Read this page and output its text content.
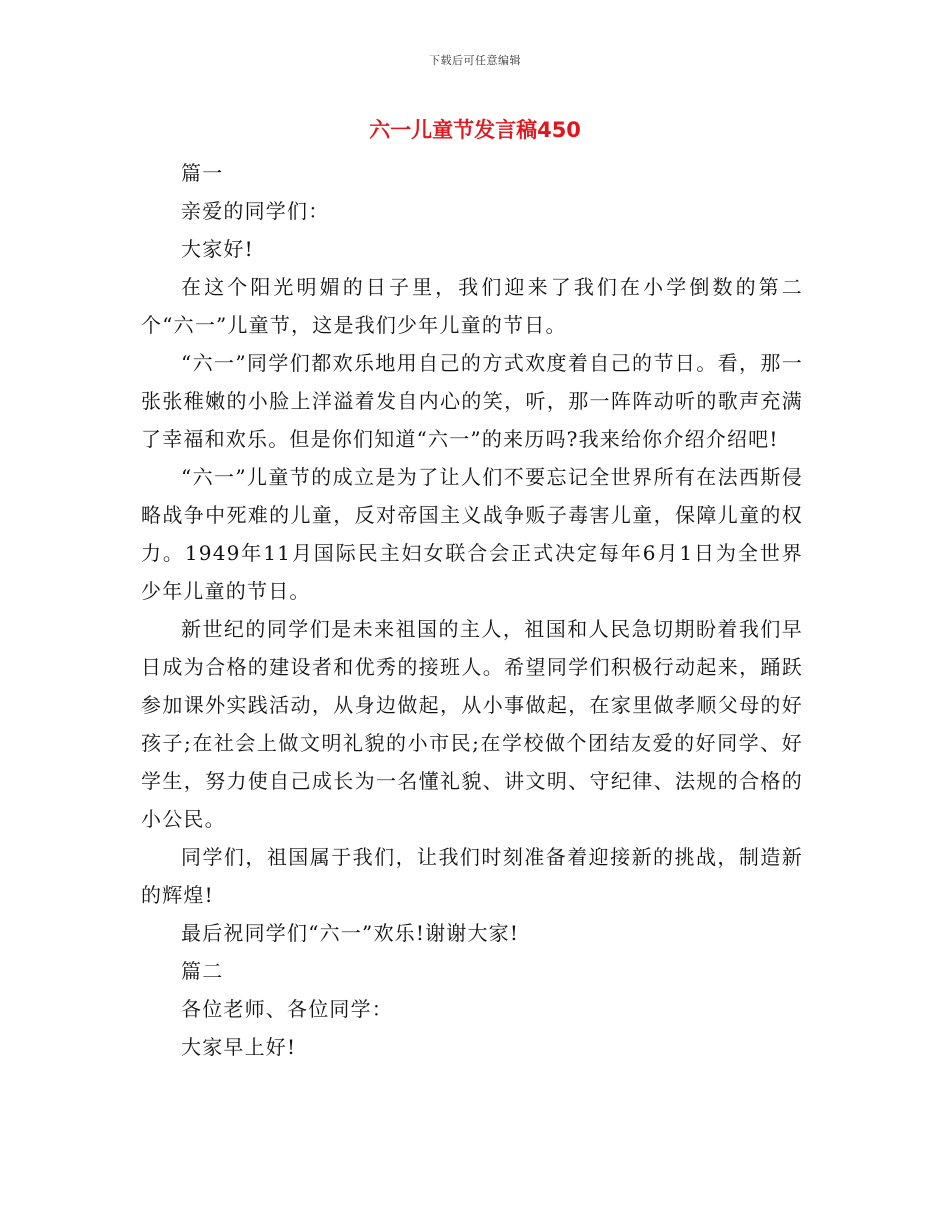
下载后可任意编辑
六一儿童节发言稿450

篇一

亲爱的同学们：

大家好!

在这个阳光明媚的日子里，我们迎来了我们在小学倒数的第二个“六一”儿童节，这是我们少年儿童的节日。

“六一”同学们都欢乐地用自己的方式欢度着自己的节日。看，那一张张稚嫩的小脸上洋溢着发自内心的笑，听，那一阵阵动听的歌声充满了幸福和欢乐。但是你们知道“六一”的来历吗?我来给你介绍介绍吧!

“六一”儿童节的成立是为了让人们不要忘记全世界所有在法西斯侵略战争中死难的儿童，反对帝国主义战争贩子毒害儿童，保障儿童的权力。1949年11月国际民主妇女联合会正式决定每年6月1日为全世界少年儿童的节日。

新世纪的同学们是未来祖国的主人，祖国和人民急切期盼着我们早日成为合格的建设者和优秀的接班人。希望同学们积极行动起来，踊跃参加课外实践活动，从身边做起，从小事做起，在家里做孝顺父母的好孩子;在社会上做文明礼貌的小市民;在学校做个团结友爱的好同学、好学生，努力使自己成长为一名懂礼貌、讲文明、守纪律、法规的合格的小公民。

同学们，祖国属于我们，让我们时刻准备着迎接新的挑战，制造新的辉煌!

最后祝同学们“六一”欢乐!谢谢大家!

篇二

各位老师、各位同学：

大家早上好!
